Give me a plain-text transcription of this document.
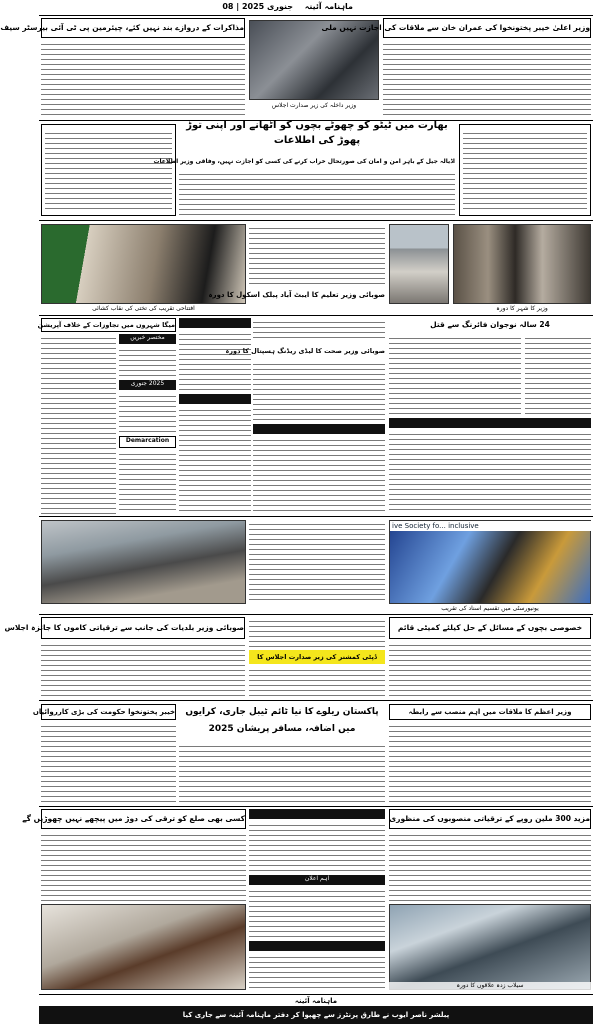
ماہنامہ آئینہ
جنوری 2025 | 08
مذاکرات کے دروازے بند نہیں کئے، چیئرمین پی ٹی آئی بیرسٹر سیف
وزیر داخلہ کی زیر صدارت اجلاس
وزیر اعلیٰ خیبر پختونخوا کی عمران خان سے ملاقات کی اجازت نہیں ملی
بھارت میں ٹیٹو کو چھوٹے بچوں کو اٹھانے اور اپنی توڑ پھوڑ کی اطلاعات
اڈیالہ جیل کے باہر امن و امان کی صورتحال خراب کرنے کی کسی کو اجازت نہیں، وفاقی وزیر اطلاعات
افتتاحی تقریب کی تختی کی نقاب کشائی	وزیر کا شہر کا دورہ
صوبائی وزیر تعلیم کا ایبٹ آباد پبلک اسکول کا دورہ
میگا شہروں میں تجاوزات کے خلاف آپریشن
مختصر خبریں
2025 جنوری
Demarcation
صوبائی وزیر صحت کا لیڈی ریڈنگ ہسپتال کا دورہ
24 سالہ نوجوان فائرنگ سے قتل
ive Society fo... inclusive
یونیورسٹی میں تقسیم اسناد کی تقریب
صوبائی وزیر بلدیات کی جانب سے ترقیاتی کاموں کا جائزہ اجلاس
ڈپٹی کمشنر کی زیر صدارت اجلاس کا
خصوصی بچوں کے مسائل کے حل کیلئے کمیٹی قائم
خیبر پختونخوا حکومت کی بڑی کارروائیاں	پاکستان ریلوے کا نیا ٹائم ٹیبل جاری، کرایوں میں اضافہ، مسافر پریشان 2025
وزیر اعظم کا ملاقات میں اہم منصب سے رابطہ
کسی بھی صلع کو ترقی کی دوڑ میں پیچھے نہیں چھوڑیں گے
اہم اعلان
مزید 300 ملین روپے کے ترقیاتی منصوبوں کی منظوری
سیلاب زدہ علاقوں کا دورہ
ماہنامہ آئینہ
پبلشر ناصر ایوب نے طارق پرنٹرز سے چھپوا کر دفتر ماہنامہ آئینہ سے جاری کیا
